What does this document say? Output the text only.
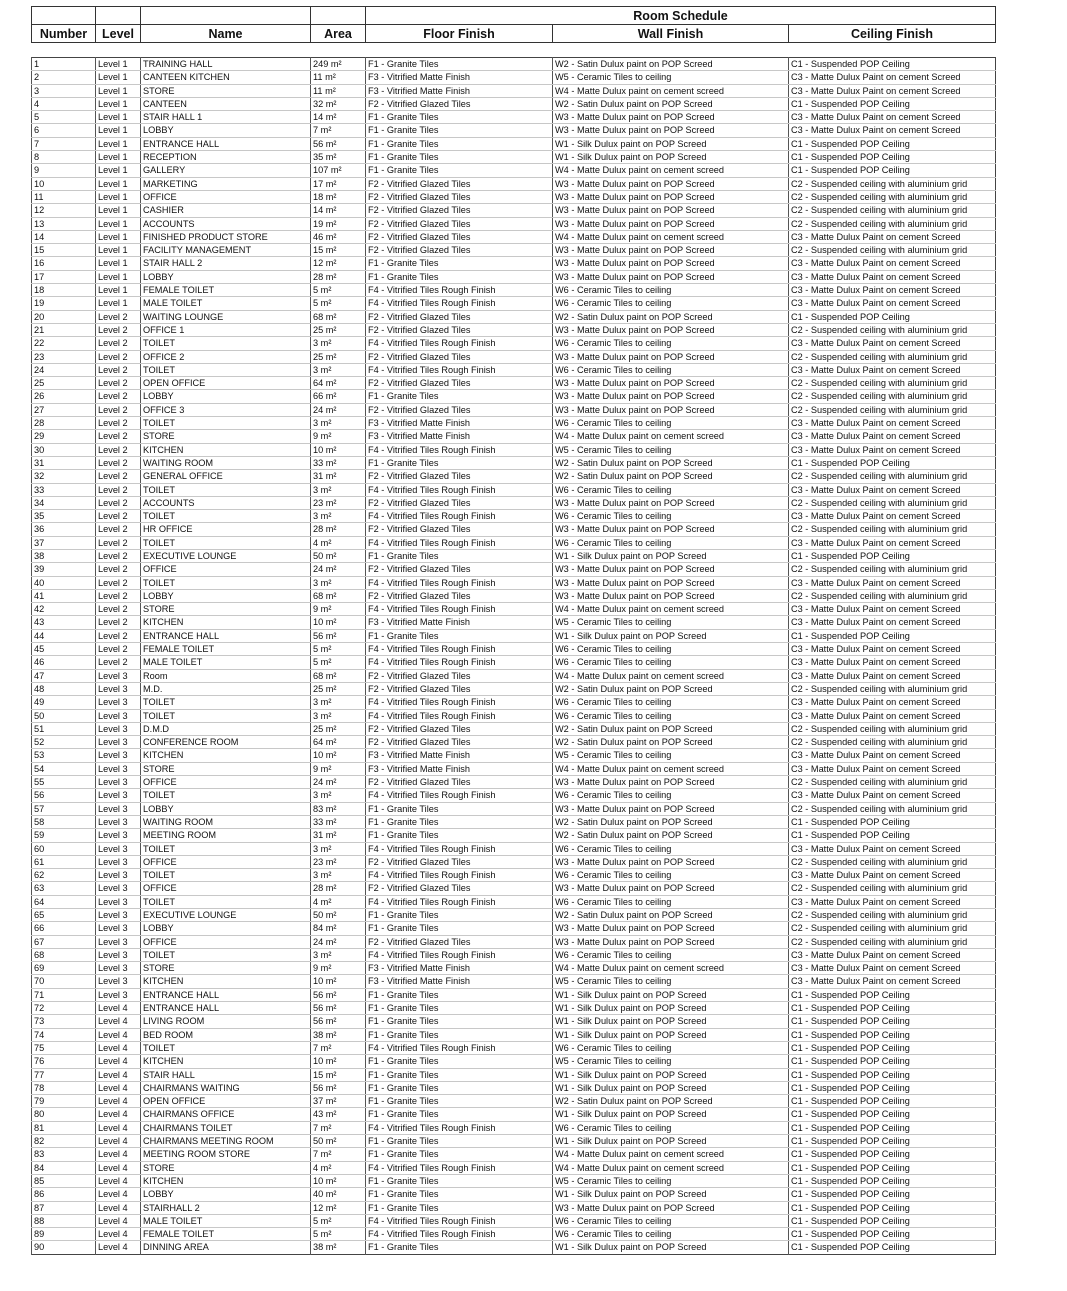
				Room Schedule		
Number	Level	Name	Area	Floor Finish	Wall Finish	Ceiling Finish
1	Level 1	TRAINING HALL	249 m²	F1 - Granite Tiles	W2 - Satin Dulux paint on POP Screed	C1 - Suspended POP Ceiling
2	Level 1	CANTEEN KITCHEN	11 m²	F3 - Vitrified Matte Finish	W5 - Ceramic Tiles to ceiling	C3 - Matte Dulux Paint on cement Screed
3	Level 1	STORE	11 m²	F3 - Vitrified Matte Finish	W4 - Matte Dulux paint on cement screed	C3 - Matte Dulux Paint on cement Screed
4	Level 1	CANTEEN	32 m²	F2 - Vitrified Glazed Tiles	W2 - Satin Dulux paint on POP Screed	C1 - Suspended POP Ceiling
5	Level 1	STAIR HALL 1	14 m²	F1 - Granite Tiles	W3 - Matte Dulux paint on POP Screed	C3 - Matte Dulux Paint on cement Screed
6	Level 1	LOBBY	7 m²	F1 - Granite Tiles	W3 - Matte Dulux paint on POP Screed	C3 - Matte Dulux Paint on cement Screed
7	Level 1	ENTRANCE HALL	56 m²	F1 - Granite Tiles	W1 - Silk Dulux paint on POP Screed	C1 - Suspended POP Ceiling
8	Level 1	RECEPTION	35 m²	F1 - Granite Tiles	W1 - Silk Dulux paint on POP Screed	C1 - Suspended POP Ceiling
9	Level 1	GALLERY	107 m²	F1 - Granite Tiles	W4 - Matte Dulux paint on cement screed	C1 - Suspended POP Ceiling
10	Level 1	MARKETING	17 m²	F2 - Vitrified Glazed Tiles	W3 - Matte Dulux paint on POP Screed	C2 - Suspended ceiling with aluminium grid
11	Level 1	OFFICE	18 m²	F2 - Vitrified Glazed Tiles	W3 - Matte Dulux paint on POP Screed	C2 - Suspended ceiling with aluminium grid
12	Level 1	CASHIER	14 m²	F2 - Vitrified Glazed Tiles	W3 - Matte Dulux paint on POP Screed	C2 - Suspended ceiling with aluminium grid
13	Level 1	ACCOUNTS	19 m²	F2 - Vitrified Glazed Tiles	W3 - Matte Dulux paint on POP Screed	C2 - Suspended ceiling with aluminium grid
14	Level 1	FINISHED PRODUCT STORE	46 m²	F2 - Vitrified Glazed Tiles	W4 - Matte Dulux paint on cement screed	C3 - Matte Dulux Paint on cement Screed
15	Level 1	FACILITY MANAGEMENT	15 m²	F2 - Vitrified Glazed Tiles	W3 - Matte Dulux paint on POP Screed	C2 - Suspended ceiling with aluminium grid
16	Level 1	STAIR HALL 2	12 m²	F1 - Granite Tiles	W3 - Matte Dulux paint on POP Screed	C3 - Matte Dulux Paint on cement Screed
17	Level 1	LOBBY	28 m²	F1 - Granite Tiles	W3 - Matte Dulux paint on POP Screed	C3 - Matte Dulux Paint on cement Screed
18	Level 1	FEMALE TOILET	5 m²	F4 - Vitrified Tiles Rough Finish	W6 - Ceramic Tiles to ceiling	C3 - Matte Dulux Paint on cement Screed
19	Level 1	MALE TOILET	5 m²	F4 - Vitrified Tiles Rough Finish	W6 - Ceramic Tiles to ceiling	C3 - Matte Dulux Paint on cement Screed
20	Level 2	WAITING LOUNGE	68 m²	F2 - Vitrified Glazed Tiles	W2 - Satin Dulux paint on POP Screed	C1 - Suspended POP Ceiling
21	Level 2	OFFICE 1	25 m²	F2 - Vitrified Glazed Tiles	W3 - Matte Dulux paint on POP Screed	C2 - Suspended ceiling with aluminium grid
22	Level 2	TOILET	3 m²	F4 - Vitrified Tiles Rough Finish	W6 - Ceramic Tiles to ceiling	C3 - Matte Dulux Paint on cement Screed
23	Level 2	OFFICE 2	25 m²	F2 - Vitrified Glazed Tiles	W3 - Matte Dulux paint on POP Screed	C2 - Suspended ceiling with aluminium grid
24	Level 2	TOILET	3 m²	F4 - Vitrified Tiles Rough Finish	W6 - Ceramic Tiles to ceiling	C3 - Matte Dulux Paint on cement Screed
25	Level 2	OPEN OFFICE	64 m²	F2 - Vitrified Glazed Tiles	W3 - Matte Dulux paint on POP Screed	C2 - Suspended ceiling with aluminium grid
26	Level 2	LOBBY	66 m²	F1 - Granite Tiles	W3 - Matte Dulux paint on POP Screed	C2 - Suspended ceiling with aluminium grid
27	Level 2	OFFICE 3	24 m²	F2 - Vitrified Glazed Tiles	W3 - Matte Dulux paint on POP Screed	C2 - Suspended ceiling with aluminium grid
28	Level 2	TOILET	3 m²	F3 - Vitrified Matte Finish	W6 - Ceramic Tiles to ceiling	C3 - Matte Dulux Paint on cement Screed
29	Level 2	STORE	9 m²	F3 - Vitrified Matte Finish	W4 - Matte Dulux paint on cement screed	C3 - Matte Dulux Paint on cement Screed
30	Level 2	KITCHEN	10 m²	F4 - Vitrified Tiles Rough Finish	W5 - Ceramic Tiles to ceiling	C3 - Matte Dulux Paint on cement Screed
31	Level 2	WAITING ROOM	33 m²	F1 - Granite Tiles	W2 - Satin Dulux paint on POP Screed	C1 - Suspended POP Ceiling
32	Level 2	GENERAL OFFICE	31 m²	F2 - Vitrified Glazed Tiles	W2 - Satin Dulux paint on POP Screed	C2 - Suspended ceiling with aluminium grid
33	Level 2	TOILET	3 m²	F4 - Vitrified Tiles Rough Finish	W6 - Ceramic Tiles to ceiling	C3 - Matte Dulux Paint on cement Screed
34	Level 2	ACCOUNTS	23 m²	F2 - Vitrified Glazed Tiles	W3 - Matte Dulux paint on POP Screed	C2 - Suspended ceiling with aluminium grid
35	Level 2	TOILET	3 m²	F4 - Vitrified Tiles Rough Finish	W6 - Ceramic Tiles to ceiling	C3 - Matte Dulux Paint on cement Screed
36	Level 2	HR OFFICE	28 m²	F2 - Vitrified Glazed Tiles	W3 - Matte Dulux paint on POP Screed	C2 - Suspended ceiling with aluminium grid
37	Level 2	TOILET	4 m²	F4 - Vitrified Tiles Rough Finish	W6 - Ceramic Tiles to ceiling	C3 - Matte Dulux Paint on cement Screed
38	Level 2	EXECUTIVE LOUNGE	50 m²	F1 - Granite Tiles	W1 - Silk Dulux paint on POP Screed	C1 - Suspended POP Ceiling
39	Level 2	OFFICE	24 m²	F2 - Vitrified Glazed Tiles	W3 - Matte Dulux paint on POP Screed	C2 - Suspended ceiling with aluminium grid
40	Level 2	TOILET	3 m²	F4 - Vitrified Tiles Rough Finish	W3 - Matte Dulux paint on POP Screed	C3 - Matte Dulux Paint on cement Screed
41	Level 2	LOBBY	68 m²	F2 - Vitrified Glazed Tiles	W3 - Matte Dulux paint on POP Screed	C2 - Suspended ceiling with aluminium grid
42	Level 2	STORE	9 m²	F4 - Vitrified Tiles Rough Finish	W4 - Matte Dulux paint on cement screed	C3 - Matte Dulux Paint on cement Screed
43	Level 2	KITCHEN	10 m²	F3 - Vitrified Matte Finish	W5 - Ceramic Tiles to ceiling	C3 - Matte Dulux Paint on cement Screed
44	Level 2	ENTRANCE HALL	56 m²	F1 - Granite Tiles	W1 - Silk Dulux paint on POP Screed	C1 - Suspended POP Ceiling
45	Level 2	FEMALE TOILET	5 m²	F4 - Vitrified Tiles Rough Finish	W6 - Ceramic Tiles to ceiling	C3 - Matte Dulux Paint on cement Screed
46	Level 2	MALE TOILET	5 m²	F4 - Vitrified Tiles Rough Finish	W6 - Ceramic Tiles to ceiling	C3 - Matte Dulux Paint on cement Screed
47	Level 3	Room	68 m²	F2 - Vitrified Glazed Tiles	W4 - Matte Dulux paint on cement screed	C3 - Matte Dulux Paint on cement Screed
48	Level 3	M.D.	25 m²	F2 - Vitrified Glazed Tiles	W2 - Satin Dulux paint on POP Screed	C2 - Suspended ceiling with aluminium grid
49	Level 3	TOILET	3 m²	F4 - Vitrified Tiles Rough Finish	W6 - Ceramic Tiles to ceiling	C3 - Matte Dulux Paint on cement Screed
50	Level 3	TOILET	3 m²	F4 - Vitrified Tiles Rough Finish	W6 - Ceramic Tiles to ceiling	C3 - Matte Dulux Paint on cement Screed
51	Level 3	D.M.D	25 m²	F2 - Vitrified Glazed Tiles	W2 - Satin Dulux paint on POP Screed	C2 - Suspended ceiling with aluminium grid
52	Level 3	CONFERENCE ROOM	64 m²	F2 - Vitrified Glazed Tiles	W2 - Satin Dulux paint on POP Screed	C2 - Suspended ceiling with aluminium grid
53	Level 3	KITCHEN	10 m²	F3 - Vitrified Matte Finish	W5 - Ceramic Tiles to ceiling	C3 - Matte Dulux Paint on cement Screed
54	Level 3	STORE	9 m²	F3 - Vitrified Matte Finish	W4 - Matte Dulux paint on cement screed	C3 - Matte Dulux Paint on cement Screed
55	Level 3	OFFICE	24 m²	F2 - Vitrified Glazed Tiles	W3 - Matte Dulux paint on POP Screed	C2 - Suspended ceiling with aluminium grid
56	Level 3	TOILET	3 m²	F4 - Vitrified Tiles Rough Finish	W6 - Ceramic Tiles to ceiling	C3 - Matte Dulux Paint on cement Screed
57	Level 3	LOBBY	83 m²	F1 - Granite Tiles	W3 - Matte Dulux paint on POP Screed	C2 - Suspended ceiling with aluminium grid
58	Level 3	WAITING ROOM	33 m²	F1 - Granite Tiles	W2 - Satin Dulux paint on POP Screed	C1 - Suspended POP Ceiling
59	Level 3	MEETING ROOM	31 m²	F1 - Granite Tiles	W2 - Satin Dulux paint on POP Screed	C1 - Suspended POP Ceiling
60	Level 3	TOILET	3 m²	F4 - Vitrified Tiles Rough Finish	W6 - Ceramic Tiles to ceiling	C3 - Matte Dulux Paint on cement Screed
61	Level 3	OFFICE	23 m²	F2 - Vitrified Glazed Tiles	W3 - Matte Dulux paint on POP Screed	C2 - Suspended ceiling with aluminium grid
62	Level 3	TOILET	3 m²	F4 - Vitrified Tiles Rough Finish	W6 - Ceramic Tiles to ceiling	C3 - Matte Dulux Paint on cement Screed
63	Level 3	OFFICE	28 m²	F2 - Vitrified Glazed Tiles	W3 - Matte Dulux paint on POP Screed	C2 - Suspended ceiling with aluminium grid
64	Level 3	TOILET	4 m²	F4 - Vitrified Tiles Rough Finish	W6 - Ceramic Tiles to ceiling	C3 - Matte Dulux Paint on cement Screed
65	Level 3	EXECUTIVE LOUNGE	50 m²	F1 - Granite Tiles	W2 - Satin Dulux paint on POP Screed	C2 - Suspended ceiling with aluminium grid
66	Level 3	LOBBY	84 m²	F1 - Granite Tiles	W3 - Matte Dulux paint on POP Screed	C2 - Suspended ceiling with aluminium grid
67	Level 3	OFFICE	24 m²	F2 - Vitrified Glazed Tiles	W3 - Matte Dulux paint on POP Screed	C2 - Suspended ceiling with aluminium grid
68	Level 3	TOILET	3 m²	F4 - Vitrified Tiles Rough Finish	W6 - Ceramic Tiles to ceiling	C3 - Matte Dulux Paint on cement Screed
69	Level 3	STORE	9 m²	F3 - Vitrified Matte Finish	W4 - Matte Dulux paint on cement screed	C3 - Matte Dulux Paint on cement Screed
70	Level 3	KITCHEN	10 m²	F3 - Vitrified Matte Finish	W5 - Ceramic Tiles to ceiling	C3 - Matte Dulux Paint on cement Screed
71	Level 3	ENTRANCE HALL	56 m²	F1 - Granite Tiles	W1 - Silk Dulux paint on POP Screed	C1 - Suspended POP Ceiling
72	Level 4	ENTRANCE HALL	56 m²	F1 - Granite Tiles	W1 - Silk Dulux paint on POP Screed	C1 - Suspended POP Ceiling
73	Level 4	LIVING ROOM	56 m²	F1 - Granite Tiles	W1 - Silk Dulux paint on POP Screed	C1 - Suspended POP Ceiling
74	Level 4	BED ROOM	38 m²	F1 - Granite Tiles	W1 - Silk Dulux paint on POP Screed	C1 - Suspended POP Ceiling
75	Level 4	TOILET	7 m²	F4 - Vitrified Tiles Rough Finish	W6 - Ceramic Tiles to ceiling	C1 - Suspended POP Ceiling
76	Level 4	KITCHEN	10 m²	F1 - Granite Tiles	W5 - Ceramic Tiles to ceiling	C1 - Suspended POP Ceiling
77	Level 4	STAIR HALL	15 m²	F1 - Granite Tiles	W1 - Silk Dulux paint on POP Screed	C1 - Suspended POP Ceiling
78	Level 4	CHAIRMANS WAITING	56 m²	F1 - Granite Tiles	W1 - Silk Dulux paint on POP Screed	C1 - Suspended POP Ceiling
79	Level 4	OPEN OFFICE	37 m²	F1 - Granite Tiles	W2 - Satin Dulux paint on POP Screed	C1 - Suspended POP Ceiling
80	Level 4	CHAIRMANS OFFICE	43 m²	F1 - Granite Tiles	W1 - Silk Dulux paint on POP Screed	C1 - Suspended POP Ceiling
81	Level 4	CHAIRMANS TOILET	7 m²	F4 - Vitrified Tiles Rough Finish	W6 - Ceramic Tiles to ceiling	C1 - Suspended POP Ceiling
82	Level 4	CHAIRMANS MEETING ROOM	50 m²	F1 - Granite Tiles	W1 - Silk Dulux paint on POP Screed	C1 - Suspended POP Ceiling
83	Level 4	MEETING ROOM STORE	7 m²	F1 - Granite Tiles	W4 - Matte Dulux paint on cement screed	C1 - Suspended POP Ceiling
84	Level 4	STORE	4 m²	F4 - Vitrified Tiles Rough Finish	W4 - Matte Dulux paint on cement screed	C1 - Suspended POP Ceiling
85	Level 4	KITCHEN	10 m²	F1 - Granite Tiles	W5 - Ceramic Tiles to ceiling	C1 - Suspended POP Ceiling
86	Level 4	LOBBY	40 m²	F1 - Granite Tiles	W1 - Silk Dulux paint on POP Screed	C1 - Suspended POP Ceiling
87	Level 4	STAIRHALL 2	12 m²	F1 - Granite Tiles	W3 - Matte Dulux paint on POP Screed	C1 - Suspended POP Ceiling
88	Level 4	MALE TOILET	5 m²	F4 - Vitrified Tiles Rough Finish	W6 - Ceramic Tiles to ceiling	C1 - Suspended POP Ceiling
89	Level 4	FEMALE TOILET	5 m²	F4 - Vitrified Tiles Rough Finish	W6 - Ceramic Tiles to ceiling	C1 - Suspended POP Ceiling
90	Level 4	DINNING AREA	38 m²	F1 - Granite Tiles	W1 - Silk Dulux paint on POP Screed	C1 - Suspended POP Ceiling
